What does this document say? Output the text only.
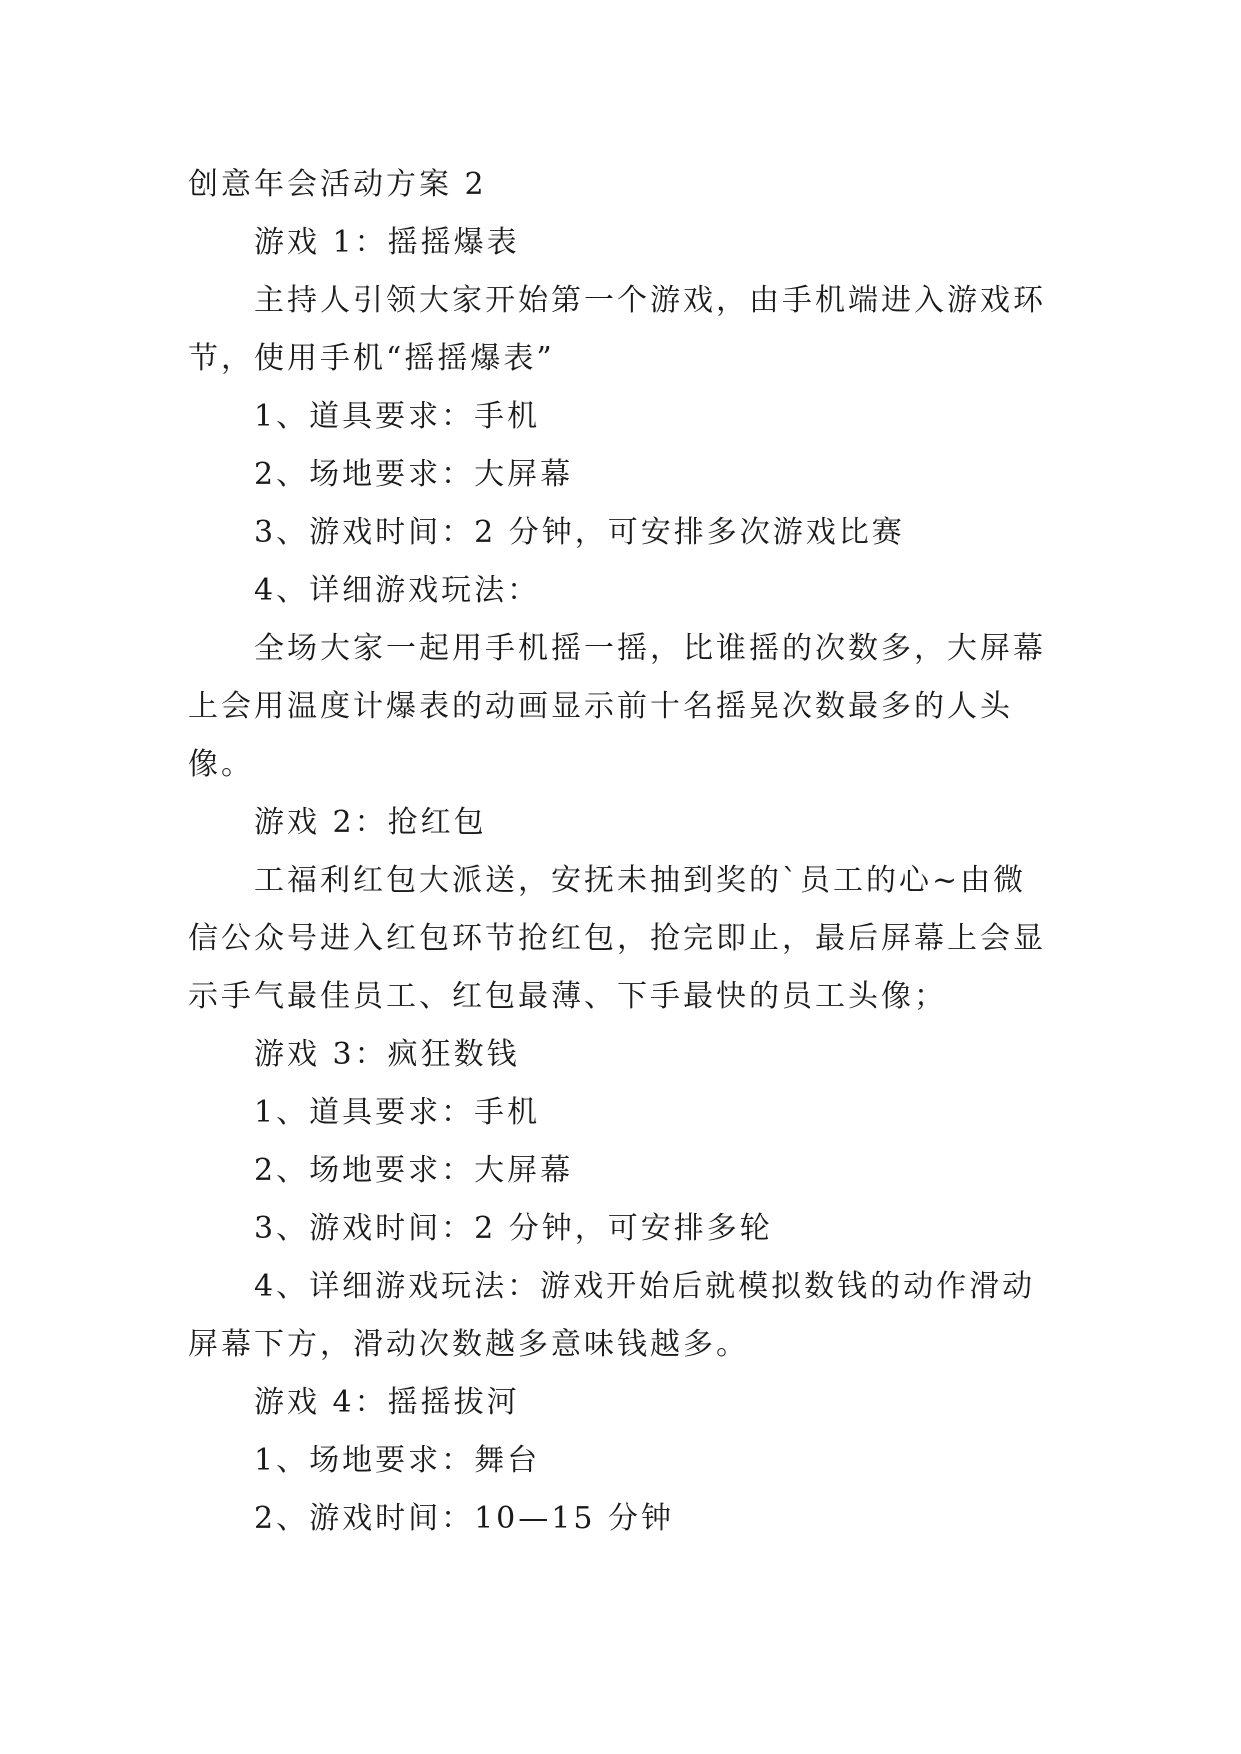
创意年会活动方案 2

游戏 1：摇摇爆表

主持人引领大家开始第一个游戏，由手机端进入游戏环节，使用手机“摇摇爆表”

1、道具要求：手机

2、场地要求：大屏幕

3、游戏时间：2 分钟，可安排多次游戏比赛

4、详细游戏玩法：

全场大家一起用手机摇一摇，比谁摇的次数多，大屏幕上会用温度计爆表的动画显示前十名摇晃次数最多的人头像。

游戏 2：抢红包

工福利红包大派送，安抚未抽到奖的`员工的心~由微信公众号进入红包环节抢红包，抢完即止，最后屏幕上会显示手气最佳员工、红包最薄、下手最快的员工头像；

游戏 3：疯狂数钱

1、道具要求：手机

2、场地要求：大屏幕

3、游戏时间：2 分钟，可安排多轮

4、详细游戏玩法：游戏开始后就模拟数钱的动作滑动屏幕下方，滑动次数越多意味钱越多。

游戏 4：摇摇拔河

1、场地要求：舞台

2、游戏时间：10—15 分钟
